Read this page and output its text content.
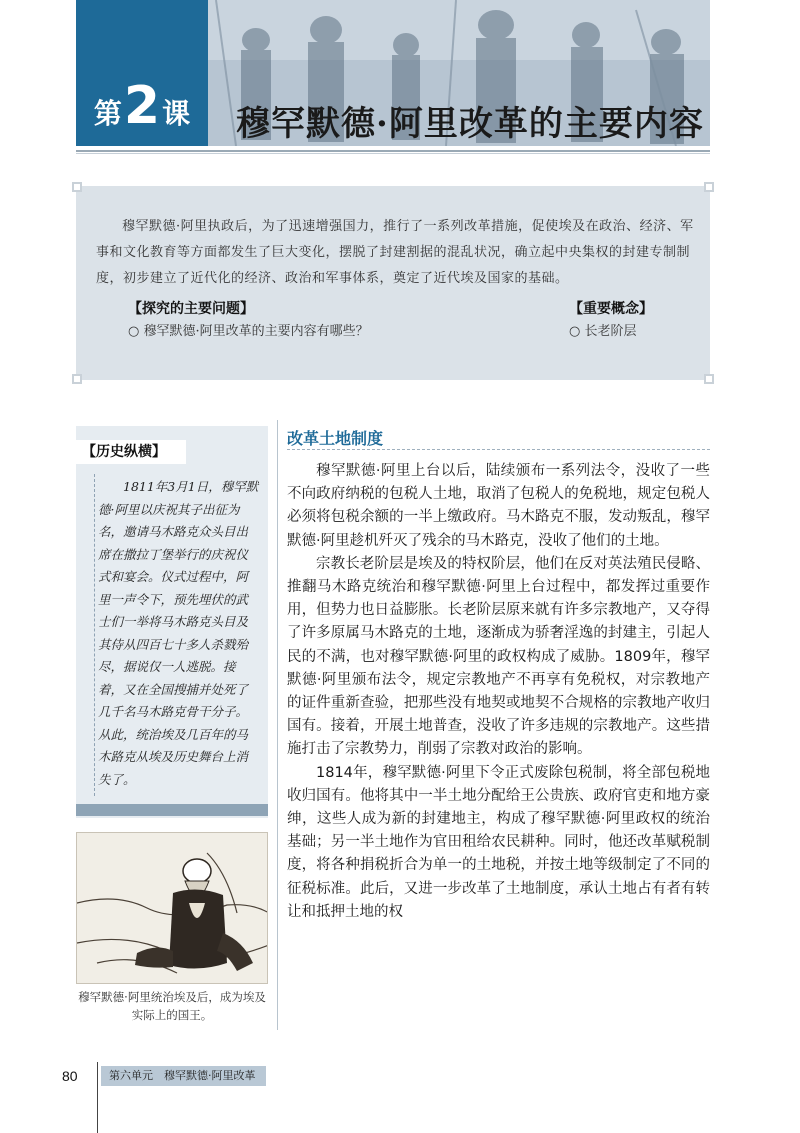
第2课	穆罕默德·阿里改革的主要内容

穆罕默德·阿里执政后，为了迅速增强国力，推行了一系列改革措施，促使埃及在政治、经济、军事和文化教育等方面都发生了巨大变化，摆脱了封建割据的混乱状况，确立起中央集权的封建专制制度，初步建立了近代化的经济、政治和军事体系，奠定了近代埃及国家的基础。

【探究的主要问题】
○ 穆罕默德·阿里改革的主要内容有哪些？
【重要概念】
○ 长老阶层
【历史纵横】

1811年3月1日，穆罕默德·阿里以庆祝其子出征为名，邀请马木路克众头目出席在撒拉丁堡举行的庆祝仪式和宴会。仪式过程中，阿里一声令下，预先埋伏的武士们一举将马木路克头目及其侍从四百七十多人杀戮殆尽，据说仅一人逃脱。接着，又在全国搜捕并处死了几千名马木路克骨干分子。从此，统治埃及几百年的马木路克从埃及历史舞台上消失了。

穆罕默德·阿里统治埃及后，成为埃及实际上的国王。
改革土地制度

穆罕默德·阿里上台以后，陆续颁布一系列法令，没收了一些不向政府纳税的包税人土地，取消了包税人的免税地，规定包税人必须将包税余额的一半上缴政府。马木路克不服，发动叛乱，穆罕默德·阿里趁机歼灭了残余的马木路克，没收了他们的土地。

宗教长老阶层是埃及的特权阶层，他们在反对英法殖民侵略、推翻马木路克统治和穆罕默德·阿里上台过程中，都发挥过重要作用，但势力也日益膨胀。长老阶层原来就有许多宗教地产，又夺得了许多原属马木路克的土地，逐渐成为骄奢淫逸的封建主，引起人民的不满，也对穆罕默德·阿里的政权构成了威胁。1809年，穆罕默德·阿里颁布法令，规定宗教地产不再享有免税权，对宗教地产的证件重新查验，把那些没有地契或地契不合规格的宗教地产收归国有。接着，开展土地普查，没收了许多违规的宗教地产。这些措施打击了宗教势力，削弱了宗教对政治的影响。

1814年，穆罕默德·阿里下令正式废除包税制，将全部包税地收归国有。他将其中一半土地分配给王公贵族、政府官吏和地方豪绅，这些人成为新的封建地主，构成了穆罕默德·阿里政权的统治基础；另一半土地作为官田租给农民耕种。同时，他还改革赋税制度，将各种捐税折合为单一的土地税，并按土地等级制定了不同的征税标准。此后，又进一步改革了土地制度，承认土地占有者有转让和抵押土地的权

80	第六单元　穆罕默德·阿里改革
